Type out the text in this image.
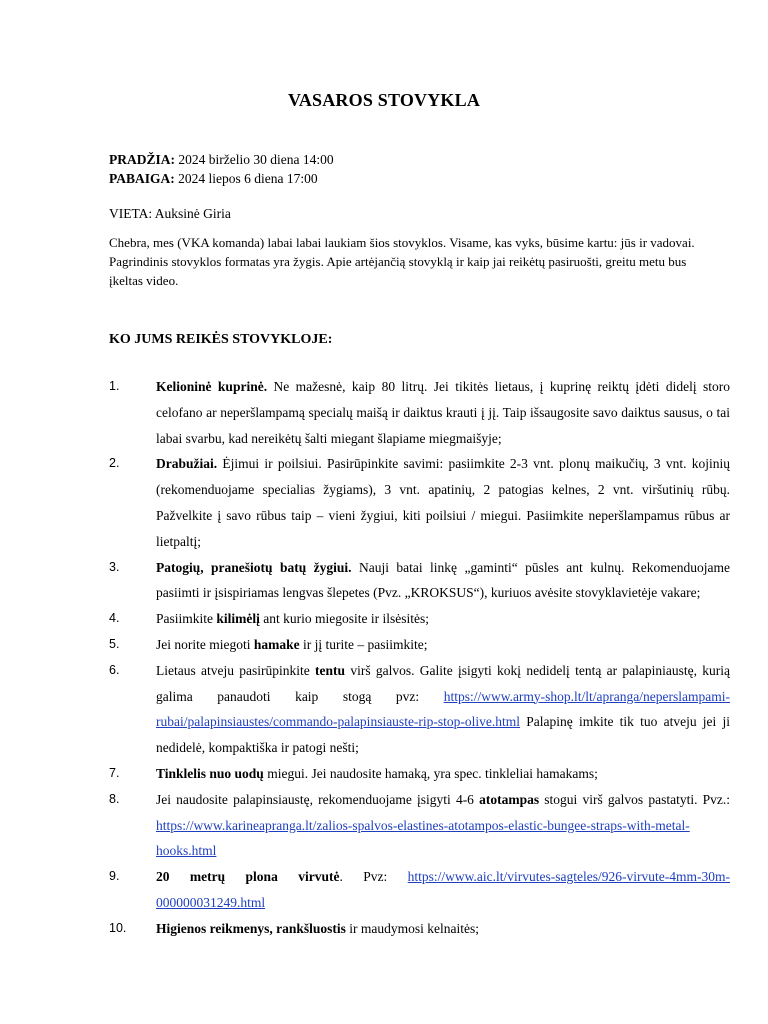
VASAROS STOVYKLA
PRADŽIA: 2024 birželio 30 diena 14:00
PABAIGA: 2024 liepos 6 diena 17:00
VIETA: Auksinė Giria

Chebra, mes (VKA komanda) labai labai laukiam šios stovyklos. Visame, kas vyks, būsime kartu: jūs ir vadovai. Pagrindinis stovyklos formatas yra žygis. Apie artėjančią stovyklą ir kaip jai reikėtų pasiruošti, greitu metu bus įkeltas video.

KO JUMS REIKĖS STOVYKLOJE:
1.	Kelioninė kuprinė. Ne mažesnė, kaip 80 litrų. Jei tikitės lietaus, į kuprinę reiktų įdėti didelį storo celofano ar neperšlampamą specialų maišą ir daiktus krauti į jį. Taip išsaugosite savo daiktus sausus, o tai labai svarbu, kad nereikėtų šalti miegant šlapiame miegmaišyje;
2.	Drabužiai. Ėjimui ir poilsiui. Pasirūpinkite savimi: pasiimkite 2-3 vnt. plonų maikučių, 3 vnt. kojinių (rekomenduojame specialias žygiams), 3 vnt. apatinių, 2 patogias kelnes, 2 vnt. viršutinių rūbų. Pažvelkite į savo rūbus taip – vieni žygiui, kiti poilsiui / miegui. Pasiimkite neperšlampamus rūbus ar lietpaltį;
3.	Patogių, pranešiotų batų žygiui. Nauji batai linkę „gaminti“ pūsles ant kulnų. Rekomenduojame pasiimti ir įsispiriamas lengvas šlepetes (Pvz. „KROKSUS“), kuriuos avėsite stovyklavietėje vakare;
4.	Pasiimkite kilimėlį ant kurio miegosite ir ilsėsitės;
5.	Jei norite miegoti hamake ir jį turite – pasiimkite;
6.	Lietaus atveju pasirūpinkite tentu virš galvos. Galite įsigyti kokį nedidelį tentą ar palapiniaustę, kurią galima panaudoti kaip stogą pvz: https://www.army-shop.lt/lt/apranga/neperslampami-rubai/palapinsiaustes/commando-palapinsiauste-rip-stop-olive.html Palapinę imkite tik tuo atveju jei ji nedidelė, kompaktiška ir patogi nešti;
7.	Tinklelis nuo uodų miegui. Jei naudosite hamaką, yra spec. tinkleliai hamakams;
8.	Jei naudosite palapinsiaustę, rekomenduojame įsigyti 4-6 atotampas stogui virš galvos pastatyti. Pvz.: https://www.karineapranga.lt/zalios-spalvos-elastines-atotampos-elastic-bungee-straps-with-metal-hooks.html
9.	20 metrų plona virvutė. Pvz: https://www.aic.lt/virvutes-sagteles/926-virvute-4mm-30m-000000031249.html
10. Higienos reikmenys, rankšluostis ir maudymosi kelnaitės;
